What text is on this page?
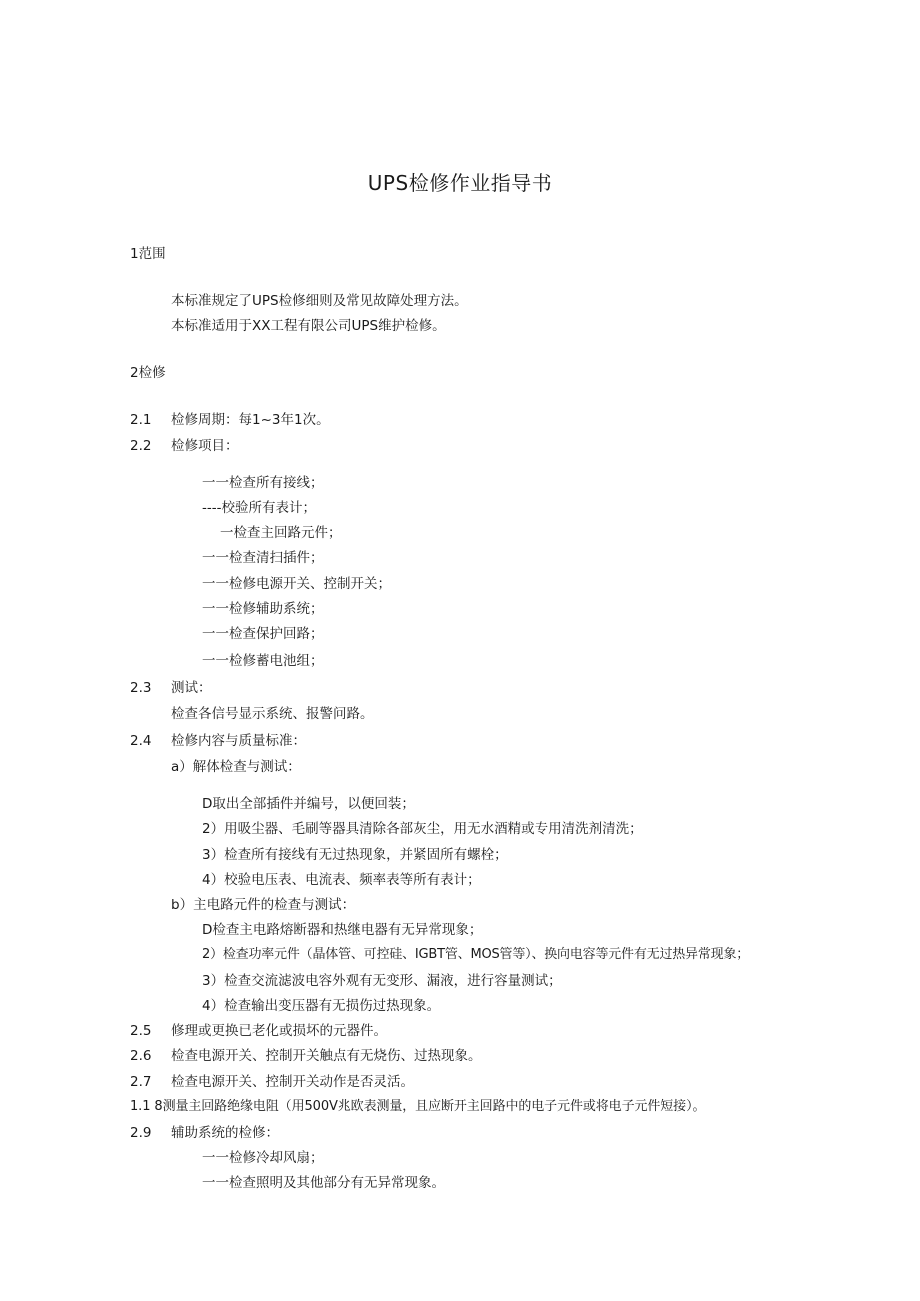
UPS检修作业指导书

1范围

本标准规定了UPS检修细则及常见故障处理方法。

本标准适用于XX工程有限公司UPS维护检修。

2检修

2.1 检修周期：每1~3年1次。

2.2 检修项目：

一一检查所有接线；

----校验所有表计；

一检查主回路元件；

一一检查清扫插件；

一一检修电源开关、控制开关；

一一检修辅助系统；

一一检查保护回路；

一一检修蓄电池组；

2.3 测试：

检查各信号显示系统、报警问路。

2.4 检修内容与质量标准：

a）解体检查与测试：

D取出全部插件并编号，以便回装；

2）用吸尘器、毛刷等器具清除各部灰尘，用无水酒精或专用清洗剂清洗；

3）检查所有接线有无过热现象，并紧固所有螺栓；

4）校验电压表、电流表、频率表等所有表计；

b）主电路元件的检查与测试：

D检查主电路熔断器和热继电器有无异常现象；

2）检查功率元件（晶体管、可控硅、IGBT管、MOS管等）、换向电容等元件有无过热异常现象；

3）检查交流滤波电容外观有无变形、漏液，进行容量测试；

4）检查输出变压器有无损伤过热现象。

2.5 修理或更换已老化或损坏的元器件。

2.6 检查电源开关、控制开关触点有无烧伤、过热现象。

2.7 检查电源开关、控制开关动作是否灵活。

1.1 8测量主回路绝缘电阻（用500V兆欧表测量，且应断开主回路中的电子元件或将电子元件短接）。

2.9 辅助系统的检修：

一一检修冷却风扇；

一一检查照明及其他部分有无异常现象。
